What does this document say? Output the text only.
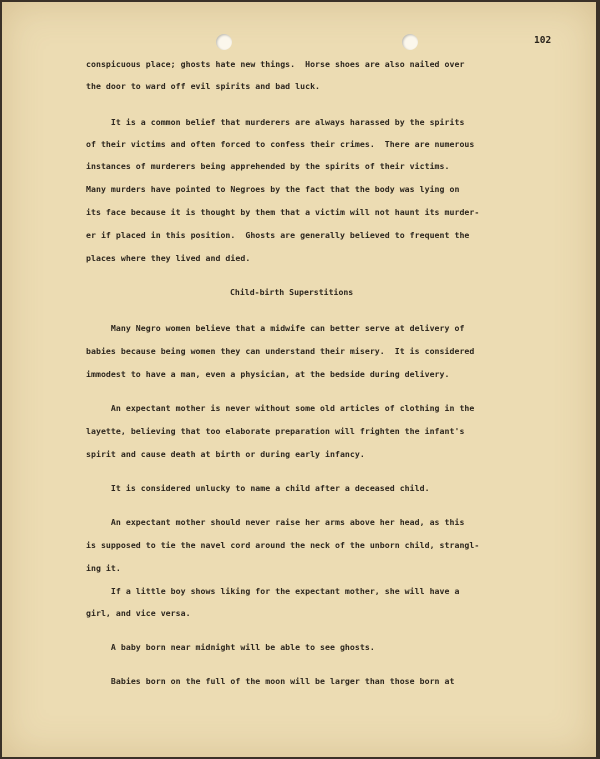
102
conspicuous place; ghosts hate new things.  Horse shoes are also nailed over
the door to ward off evil spirits and bad luck.
It is a common belief that murderers are always harassed by the spirits
of their victims and often forced to confess their crimes.  There are numerous
instances of murderers being apprehended by the spirits of their victims.
Many murders have pointed to Negroes by the fact that the body was lying on
its face because it is thought by them that a victim will not haunt its murder-
er if placed in this position.  Ghosts are generally believed to frequent the
places where they lived and died.
Child-birth Superstitions
Many Negro women believe that a midwife can better serve at delivery of
babies because being women they can understand their misery.  It is considered
immodest to have a man, even a physician, at the bedside during delivery.
An expectant mother is never without some old articles of clothing in the
layette, believing that too elaborate preparation will frighten the infant's
spirit and cause death at birth or during early infancy.
It is considered unlucky to name a child after a deceased child.
An expectant mother should never raise her arms above her head, as this
is supposed to tie the navel cord around the neck of the unborn child, strangl-
ing it.
If a little boy shows liking for the expectant mother, she will have a
girl, and vice versa.
A baby born near midnight will be able to see ghosts.
Babies born on the full of the moon will be larger than those born at
